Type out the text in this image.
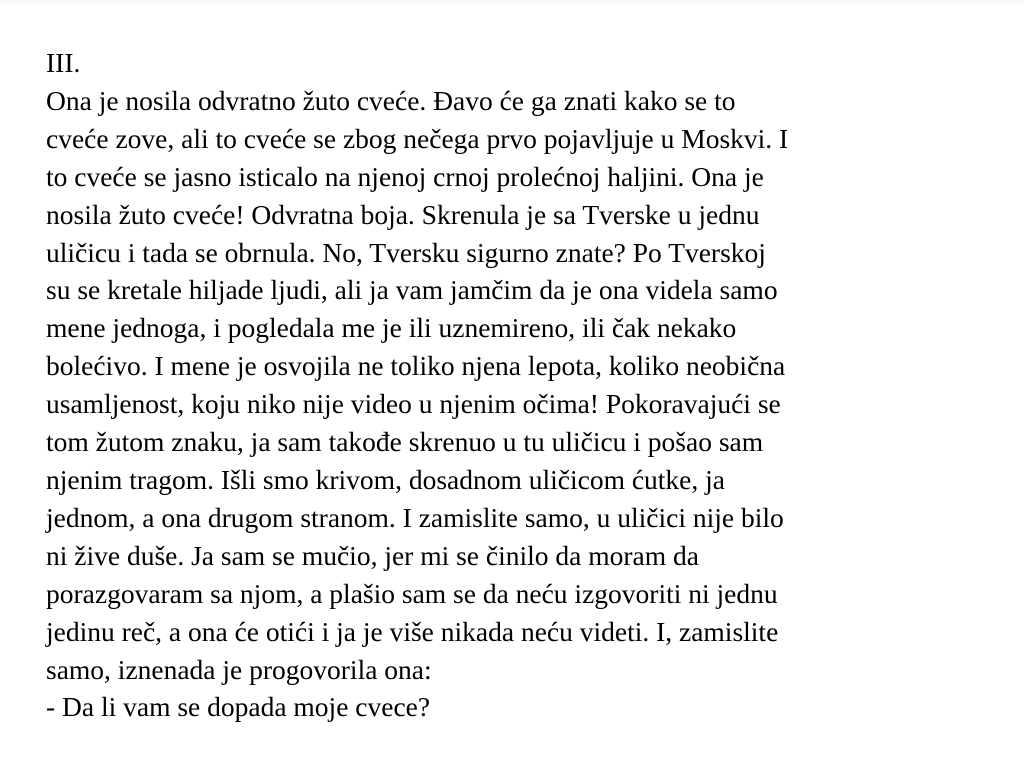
III.
Ona je nosila odvratno žuto cveće. Đavo će ga znati kako se to
cveće zove, ali to cveće se zbog nečega prvo pojavljuje u Moskvi. I
to cveće se jasno isticalo na njenoj crnoj prolećnoj haljini. Ona je
nosila žuto cveće! Odvratna boja. Skrenula je sa Tverske u jednu
uličicu i tada se obrnula. No, Tversku sigurno znate? Po Tverskoj
su se kretale hiljade ljudi, ali ja vam jamčim da je ona videla samo
mene jednoga, i pogledala me je ili uznemireno, ili čak nekako
bolećivo. I mene je osvojila ne toliko njena lepota, koliko neobična
usamljenost, koju niko nije video u njenim očima! Pokoravajući se
tom žutom znaku, ja sam takođe skrenuo u tu uličicu i pošao sam
njenim tragom. Išli smo krivom, dosadnom uličicom ćutke, ja
jednom, a ona drugom stranom. I zamislite samo, u uličici nije bilo
ni žive duše. Ja sam se mučio, jer mi se činilo da moram da
porazgovaram sa njom, a plašio sam se da neću izgovoriti ni jednu
jedinu reč, a ona će otići i ja je više nikada neću videti. I, zamislite
samo, iznenada je progovorila ona:
- Da li vam se dopada moje cvece?
